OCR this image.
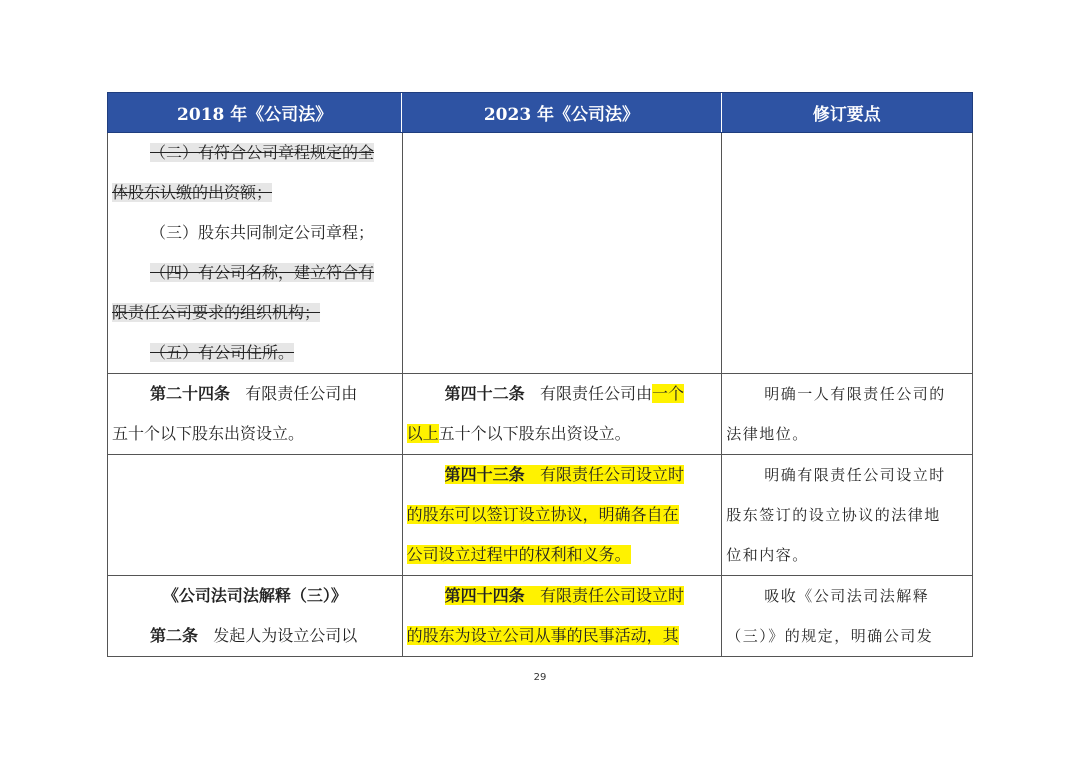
2018 年《公司法》	2023 年《公司法》	修订要点
（二）有符合公司章程规定的全
体股东认缴的出资额；
（三）股东共同制定公司章程；
（四）有公司名称，建立符合有
限责任公司要求的组织机构；
（五）有公司住所。
第二十四条 有限责任公司由
五十个以下股东出资设立。
第四十二条 有限责任公司由一个
以上五十个以下股东出资设立。
明确一人有限责任公司的
法律地位。
第四十三条 有限责任公司设立时
的股东可以签订设立协议，明确各自在
公司设立过程中的权利和义务。
明确有限责任公司设立时
股东签订的设立协议的法律地
位和内容。
《公司法司法解释（三）》
第二条 发起人为设立公司以
第四十四条 有限责任公司设立时
的股东为设立公司从事的民事活动，其
吸收《公司法司法解释
（三）》的规定，明确公司发
29
